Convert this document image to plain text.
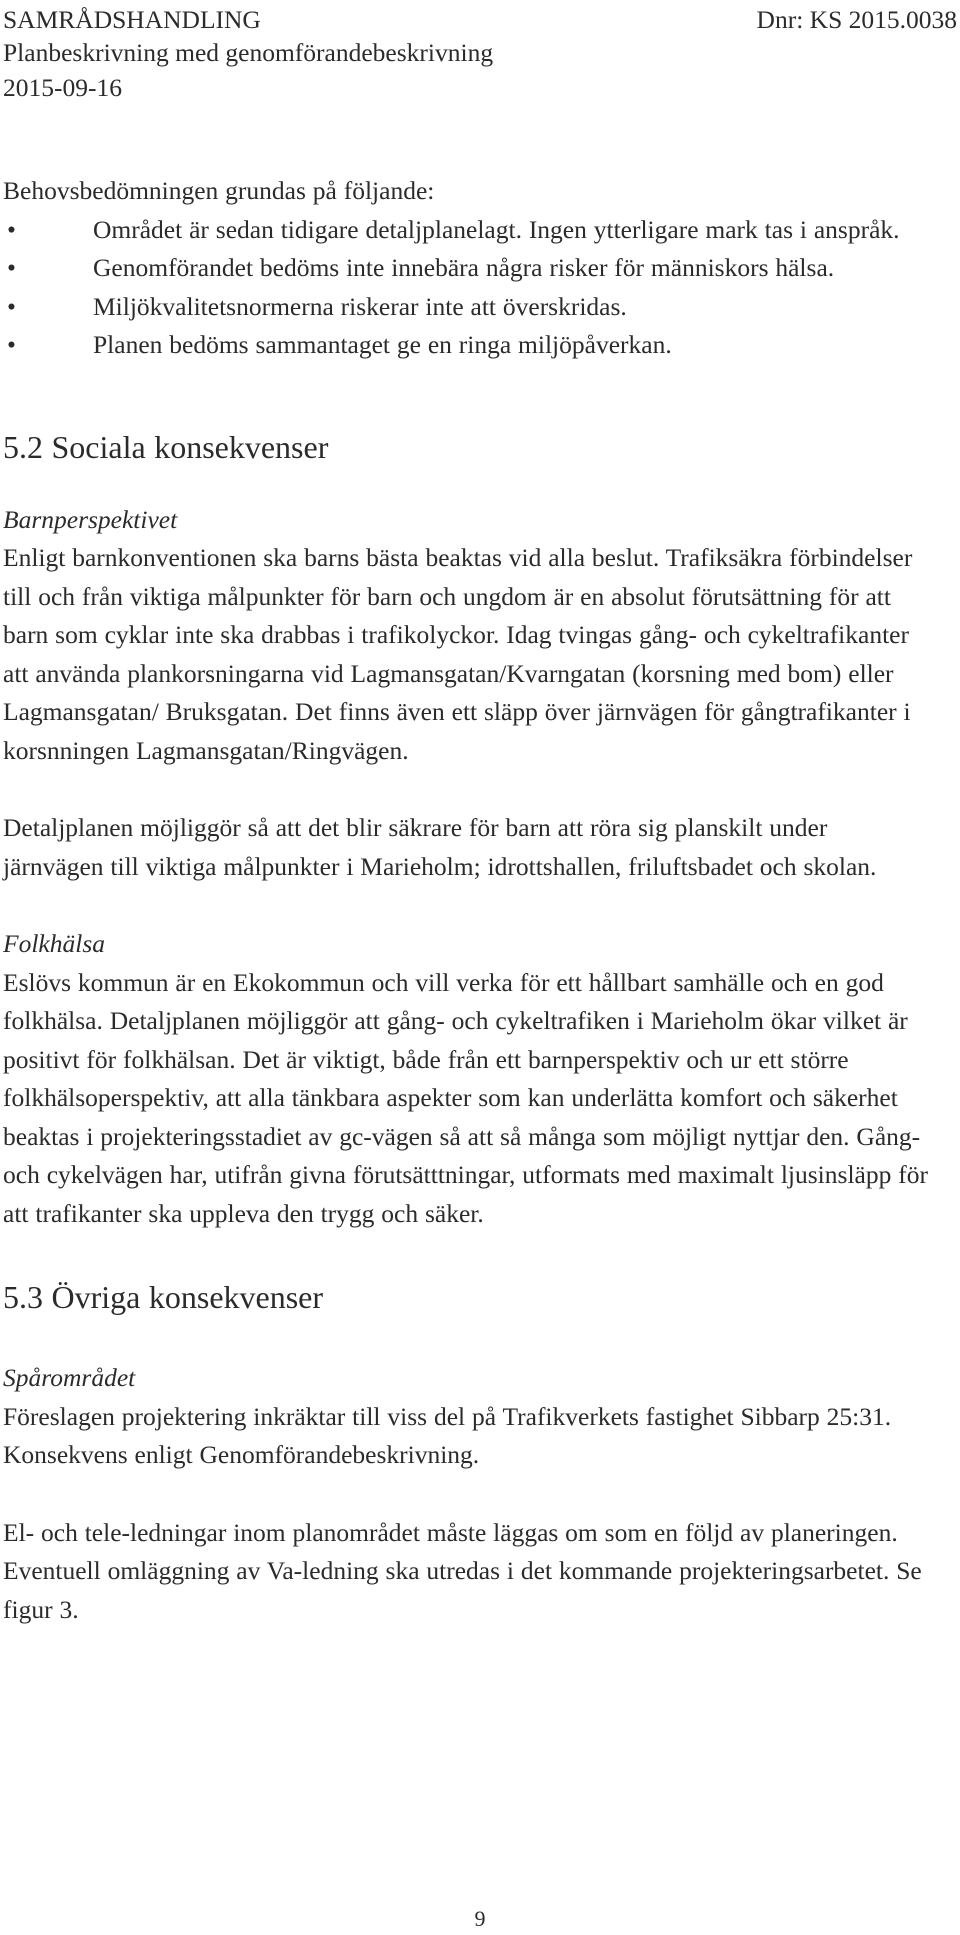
SAMRÅDSHANDLING	Dnr: KS 2015.0038
Planbeskrivning med genomförandebeskrivning
2015-09-16

Behovsbedömningen grundas på följande:

• Området är sedan tidigare detaljplanelagt. Ingen ytterligare mark tas i anspråk.
• Genomförandet bedöms inte innebära några risker för människors hälsa.
• Miljökvalitetsnormerna riskerar inte att överskridas.
• Planen bedöms sammantaget ge en ringa miljöpåverkan.
5.2 Sociala konsekvenser

Barnperspektivet

Enligt barnkonventionen ska barns bästa beaktas vid alla beslut. Trafiksäkra förbindelser till och från viktiga målpunkter för barn och ungdom är en absolut förutsättning för att barn som cyklar inte ska drabbas i trafikolyckor. Idag tvingas gång- och cykeltrafikanter att använda plankorsningarna vid Lagmansgatan/Kvarngatan (korsning med bom) eller Lagmansgatan/ Bruksgatan. Det finns även ett släpp över järnvägen för gångtrafikanter i korsnningen Lagmansgatan/Ringvägen.

Detaljplanen möjliggör så att det blir säkrare för barn att röra sig planskilt under järnvägen till viktiga målpunkter i Marieholm; idrottshallen, friluftsbadet och skolan.

Folkhälsa

Eslövs kommun är en Ekokommun och vill verka för ett hållbart samhälle och en god folkhälsa. Detaljplanen möjliggör att gång- och cykeltrafiken i Marieholm ökar vilket är positivt för folkhälsan. Det är viktigt, både från ett barnperspektiv och ur ett större folkhälsoperspektiv, att alla tänkbara aspekter som kan underlätta komfort och säkerhet beaktas i projekteringsstadiet av gc-vägen så att så många som möjligt nyttjar den. Gång- och cykelvägen har, utifrån givna förutsätttningar, utformats med maximalt ljusinsläpp för att trafikanter ska uppleva den trygg och säker.

5.3 Övriga konsekvenser

Spårområdet

Föreslagen projektering inkräktar till viss del på Trafikverkets fastighet Sibbarp 25:31. Konsekvens enligt Genomförandebeskrivning.

El- och tele-ledningar inom planområdet måste läggas om som en följd av planeringen. Eventuell omläggning av Va-ledning ska utredas i det kommande projekteringsarbetet. Se figur 3.

9
